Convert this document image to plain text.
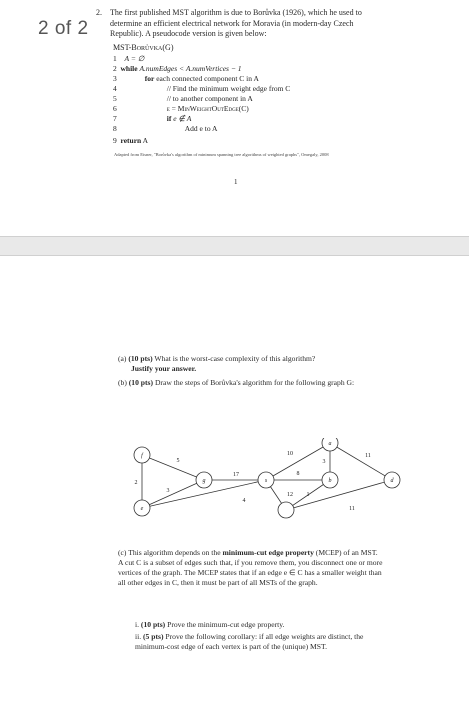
2 of 2
2.	The first published MST algorithm is due to Borůvka (1926), which he used to determine an efficient electrical network for Moravia (in modern-day Czech Republic). A pseudocode version is given below:
MST-Borůvka(G)
1 A = ∅
2 while A.numEdges < A.numVertices − 1
3	for each connected component C in A
4	// Find the minimum weight edge from C
5	// to another component in A
6	e = MinWeightOutEdge(C)
7	if e ∉ A
8	Add e to A
9 return A
Adapted from Eisner, "Borůvka's algorithm of minimum spanning tree algorithms of weighted graphs", Omegaly, 2008
1
(a) (10 pts) What is the worst-case complexity of this algorithm?
Justify your answer.
(b) (10 pts) Draw the steps of Borůvka's algorithm for the following graph G:
f
e
g	s
a
b	d
5
2
3
17
4
10
8
3
11
12 1
11
(c) This algorithm depends on the minimum-cut edge property (MCEP) of an MST. A cut C is a subset of edges such that, if you remove them, you disconnect one or more vertices of the graph. The MCEP states that if an edge e ∈ C has a smaller weight than all other edges in C, then it must be part of all MSTs of the graph.
i. (10 pts) Prove the minimum-cut edge property.
ii. (5 pts) Prove the following corollary: if all edge weights are distinct, the minimum-cost edge of each vertex is part of the (unique) MST.
